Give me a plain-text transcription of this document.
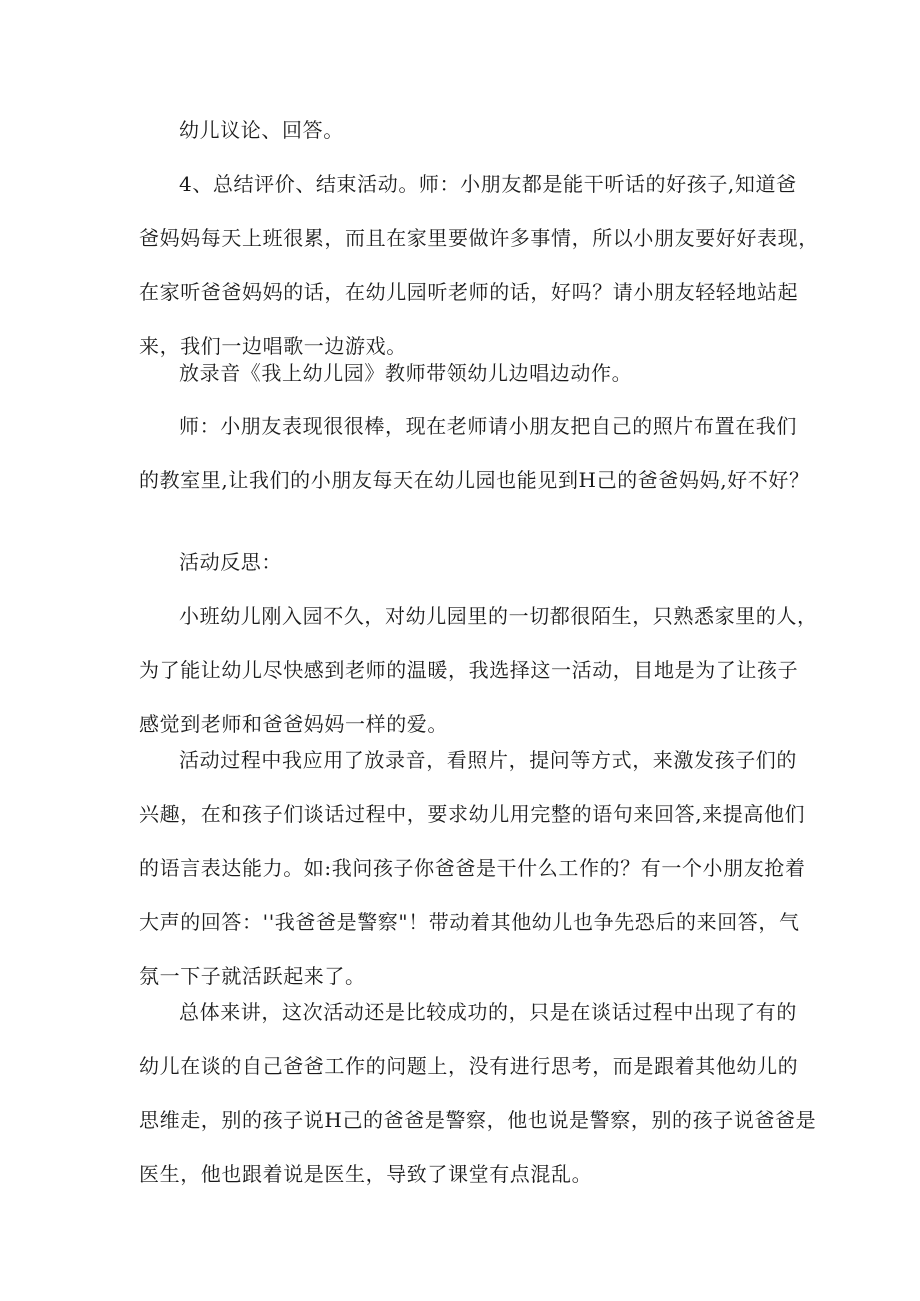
幼儿议论、回答。
4、总结评价、结束活动。师：小朋友都是能干听话的好孩子,知道爸
爸妈妈每天上班很累，而且在家里要做许多事情，所以小朋友要好好表现，
在家听爸爸妈妈的话，在幼儿园听老师的话，好吗？请小朋友轻轻地站起
来，我们一边唱歌一边游戏。
放录音《我上幼儿园》教师带领幼儿边唱边动作。
师：小朋友表现很很棒，现在老师请小朋友把自己的照片布置在我们
的教室里,让我们的小朋友每天在幼儿园也能见到H己的爸爸妈妈,好不好？
活动反思：
小班幼儿刚入园不久，对幼儿园里的一切都很陌生，只熟悉家里的人，
为了能让幼儿尽快感到老师的温暖，我选择这一活动，目地是为了让孩子
感觉到老师和爸爸妈妈一样的爱。
活动过程中我应用了放录音，看照片，提问等方式，来激发孩子们的
兴趣，在和孩子们谈话过程中，要求幼儿用完整的语句来回答,来提高他们
的语言表达能力。如:我问孩子你爸爸是干什么工作的？有一个小朋友抢着
大声的回答：''我爸爸是警察"！带动着其他幼儿也争先恐后的来回答，气
氛一下子就活跃起来了。
总体来讲，这次活动还是比较成功的，只是在谈话过程中出现了有的
幼儿在谈的自己爸爸工作的问题上，没有进行思考，而是跟着其他幼儿的
思维走，别的孩子说H己的爸爸是警察，他也说是警察，别的孩子说爸爸是
医生，他也跟着说是医生，导致了课堂有点混乱。
